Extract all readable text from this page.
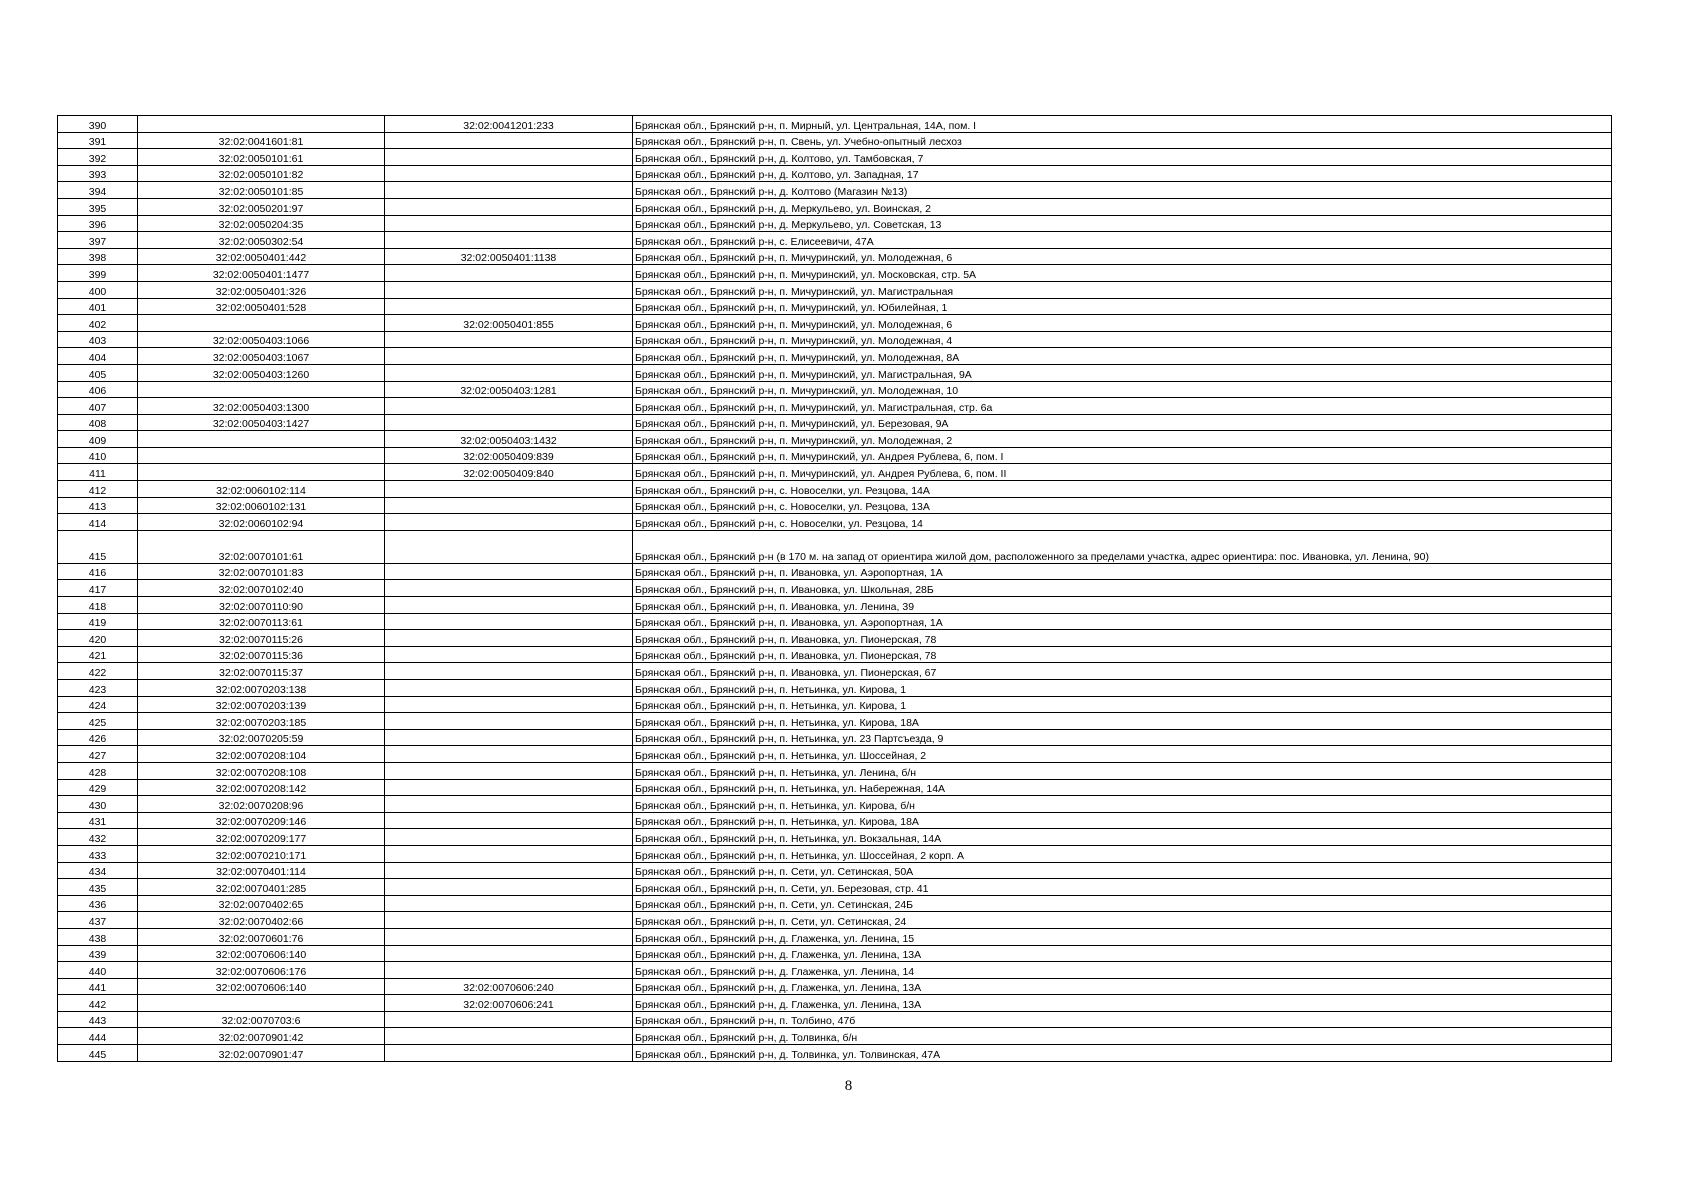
390		32:02:0041201:233	Брянская обл., Брянский р-н, п. Мирный, ул. Центральная, 14А, пом. I
391	32:02:0041601:81		Брянская обл., Брянский р-н, п. Свень, ул. Учебно-опытный лесхоз
392	32:02:0050101:61		Брянская обл., Брянский р-н, д. Колтово, ул. Тамбовская, 7
393	32:02:0050101:82		Брянская обл., Брянский р-н, д. Колтово, ул. Западная, 17
394	32:02:0050101:85		Брянская обл., Брянский р-н, д. Колтово (Магазин №13)
395	32:02:0050201:97		Брянская обл., Брянский р-н, д. Меркульево, ул. Воинская, 2
396	32:02:0050204:35		Брянская обл., Брянский р-н, д. Меркульево, ул. Советская, 13
397	32:02:0050302:54		Брянская обл., Брянский р-н, с. Елисеевичи, 47А
398	32:02:0050401:442	32:02:0050401:1138	Брянская обл., Брянский р-н, п. Мичуринский, ул. Молодежная, 6
399	32:02:0050401:1477		Брянская обл., Брянский р-н, п. Мичуринский, ул. Московская, стр. 5А
400	32:02:0050401:326		Брянская обл., Брянский р-н, п. Мичуринский, ул. Магистральная
401	32:02:0050401:528		Брянская обл., Брянский р-н, п. Мичуринский, ул. Юбилейная, 1
402		32:02:0050401:855	Брянская обл., Брянский р-н, п. Мичуринский, ул. Молодежная, 6
403	32:02:0050403:1066		Брянская обл., Брянский р-н, п. Мичуринский, ул. Молодежная, 4
404	32:02:0050403:1067		Брянская обл., Брянский р-н, п. Мичуринский, ул. Молодежная, 8А
405	32:02:0050403:1260		Брянская обл., Брянский р-н, п. Мичуринский, ул. Магистральная, 9А
406		32:02:0050403:1281	Брянская обл., Брянский р-н, п. Мичуринский, ул. Молодежная, 10
407	32:02:0050403:1300		Брянская обл., Брянский р-н, п. Мичуринский, ул. Магистральная, стр. 6а
408	32:02:0050403:1427		Брянская обл., Брянский р-н, п. Мичуринский, ул. Березовая, 9А
409		32:02:0050403:1432	Брянская обл., Брянский р-н, п. Мичуринский, ул. Молодежная, 2
410		32:02:0050409:839	Брянская обл., Брянский р-н, п. Мичуринский, ул. Андрея Рублева, 6, пом. I
411		32:02:0050409:840	Брянская обл., Брянский р-н, п. Мичуринский, ул. Андрея Рублева, 6, пом. II
412	32:02:0060102:114		Брянская обл., Брянский р-н, с. Новоселки, ул. Резцова, 14А
413	32:02:0060102:131		Брянская обл., Брянский р-н, с. Новоселки, ул. Резцова, 13А
414	32:02:0060102:94		Брянская обл., Брянский р-н, с. Новоселки, ул. Резцова, 14
415	32:02:0070101:61		Брянская обл., Брянский р-н (в 170 м. на запад от ориентира жилой дом, расположенного за пределами участка, адрес ориентира: пос. Ивановка, ул. Ленина, 90)
416	32:02:0070101:83		Брянская обл., Брянский р-н, п. Ивановка, ул. Аэропортная, 1А
417	32:02:0070102:40		Брянская обл., Брянский р-н, п. Ивановка, ул. Школьная, 28Б
418	32:02:0070110:90		Брянская обл., Брянский р-н, п. Ивановка, ул. Ленина, 39
419	32:02:0070113:61		Брянская обл., Брянский р-н, п. Ивановка, ул. Аэропортная, 1А
420	32:02:0070115:26		Брянская обл., Брянский р-н, п. Ивановка, ул. Пионерская, 78
421	32:02:0070115:36		Брянская обл., Брянский р-н, п. Ивановка, ул. Пионерская, 78
422	32:02:0070115:37		Брянская обл., Брянский р-н, п. Ивановка, ул. Пионерская, 67
423	32:02:0070203:138		Брянская обл., Брянский р-н, п. Нетьинка, ул. Кирова, 1
424	32:02:0070203:139		Брянская обл., Брянский р-н, п. Нетьинка, ул. Кирова, 1
425	32:02:0070203:185		Брянская обл., Брянский р-н, п. Нетьинка, ул. Кирова, 18А
426	32:02:0070205:59		Брянская обл., Брянский р-н, п. Нетьинка, ул. 23 Партсъезда, 9
427	32:02:0070208:104		Брянская обл., Брянский р-н, п. Нетьинка, ул. Шоссейная, 2
428	32:02:0070208:108		Брянская обл., Брянский р-н, п. Нетьинка, ул. Ленина, б/н
429	32:02:0070208:142		Брянская обл., Брянский р-н, п. Нетьинка, ул. Набережная, 14А
430	32:02:0070208:96		Брянская обл., Брянский р-н, п. Нетьинка, ул. Кирова, б/н
431	32:02:0070209:146		Брянская обл., Брянский р-н, п. Нетьинка, ул. Кирова, 18А
432	32:02:0070209:177		Брянская обл., Брянский р-н, п. Нетьинка, ул. Вокзальная, 14А
433	32:02:0070210:171		Брянская обл., Брянский р-н, п. Нетьинка, ул. Шоссейная, 2 корп. А
434	32:02:0070401:114		Брянская обл., Брянский р-н, п. Сети, ул. Сетинская, 50А
435	32:02:0070401:285		Брянская обл., Брянский р-н, п. Сети, ул. Березовая, стр. 41
436	32:02:0070402:65		Брянская обл., Брянский р-н, п. Сети, ул. Сетинская, 24Б
437	32:02:0070402:66		Брянская обл., Брянский р-н, п. Сети, ул. Сетинская, 24
438	32:02:0070601:76		Брянская обл., Брянский р-н, д. Глаженка, ул. Ленина, 15
439	32:02:0070606:140		Брянская обл., Брянский р-н, д. Глаженка, ул. Ленина, 13А
440	32:02:0070606:176		Брянская обл., Брянский р-н, д. Глаженка, ул. Ленина, 14
441	32:02:0070606:140	32:02:0070606:240	Брянская обл., Брянский р-н, д. Глаженка, ул. Ленина, 13А
442		32:02:0070606:241	Брянская обл., Брянский р-н, д. Глаженка, ул. Ленина, 13А
443	32:02:0070703:6		Брянская обл., Брянский р-н, п. Толбино, 47б
444	32:02:0070901:42		Брянская обл., Брянский р-н, д. Толвинка, б/н
445	32:02:0070901:47		Брянская обл., Брянский р-н, д. Толвинка, ул. Толвинская, 47А
8
